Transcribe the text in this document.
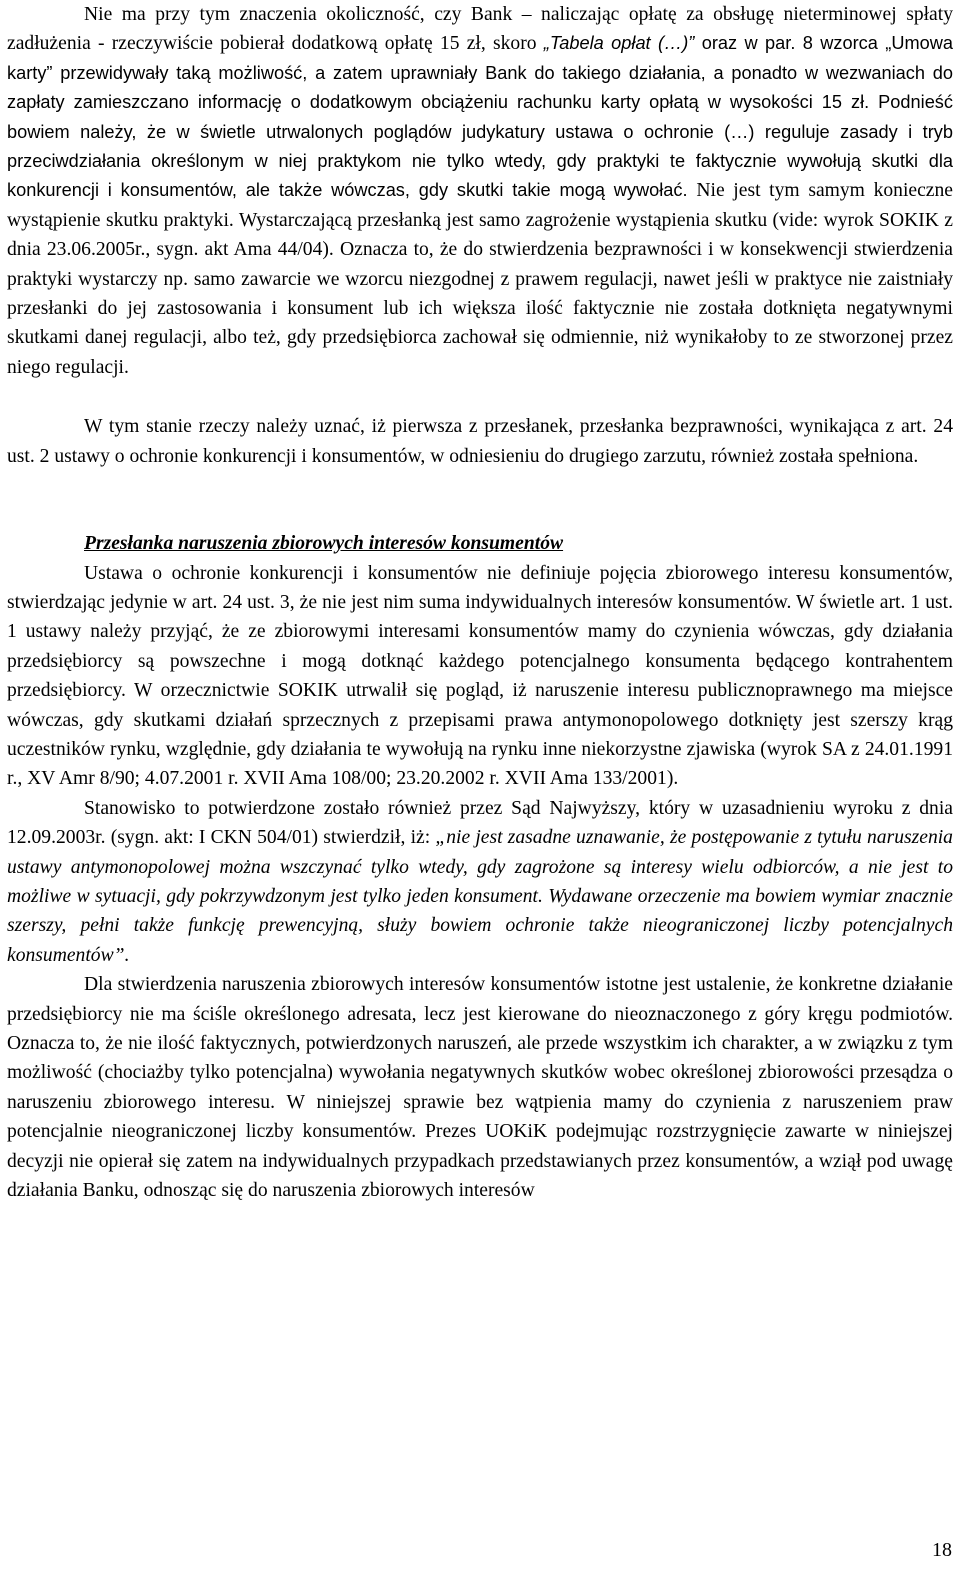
Nie ma przy tym znaczenia okoliczność, czy Bank – naliczając opłatę za obsługę nieterminowej spłaty zadłużenia - rzeczywiście pobierał dodatkową opłatę 15 zł, skoro „Tabela opłat (…)” oraz w par. 8 wzorca „Umowa karty” przewidywały taką możliwość, a zatem uprawniały Bank do takiego działania, a ponadto w wezwaniach do zapłaty zamieszczano informację o dodatkowym obciążeniu rachunku karty opłatą w wysokości 15 zł. Podnieść bowiem należy, że w świetle utrwalonych poglądów judykatury ustawa o ochronie (…) reguluje zasady i tryb przeciwdziałania określonym w niej praktykom nie tylko wtedy, gdy praktyki te faktycznie wywołują skutki dla konkurencji i konsumentów, ale także wówczas, gdy skutki takie mogą wywołać. Nie jest tym samym konieczne wystąpienie skutku praktyki. Wystarczającą przesłanką jest samo zagrożenie wystąpienia skutku (vide: wyrok SOKIK z dnia 23.06.2005r., sygn. akt Ama 44/04). Oznacza to, że do stwierdzenia bezprawności i w konsekwencji stwierdzenia praktyki wystarczy np. samo zawarcie we wzorcu niezgodnej z prawem regulacji, nawet jeśli w praktyce nie zaistniały przesłanki do jej zastosowania i konsument lub ich większa ilość faktycznie nie została dotknięta negatywnymi skutkami danej regulacji, albo też, gdy przedsiębiorca zachował się odmiennie, niż wynikałoby to ze stworzonej przez niego regulacji.

W tym stanie rzeczy należy uznać, iż pierwsza z przesłanek, przesłanka bezprawności, wynikająca z art. 24 ust. 2 ustawy o ochronie konkurencji i konsumentów, w odniesieniu do drugiego zarzutu, również została spełniona.

Przesłanka naruszenia zbiorowych interesów konsumentów

Ustawa o ochronie konkurencji i konsumentów nie definiuje pojęcia zbiorowego interesu konsumentów, stwierdzając jedynie w art. 24 ust. 3, że nie jest nim suma indywidualnych interesów konsumentów. W świetle art. 1 ust. 1 ustawy należy przyjąć, że ze zbiorowymi interesami konsumentów mamy do czynienia wówczas, gdy działania przedsiębiorcy są powszechne i mogą dotknąć każdego potencjalnego konsumenta będącego kontrahentem przedsiębiorcy. W orzecznictwie SOKIK utrwalił się pogląd, iż naruszenie interesu publicznoprawnego ma miejsce wówczas, gdy skutkami działań sprzecznych z przepisami prawa antymonopolowego dotknięty jest szerszy krąg uczestników rynku, względnie, gdy działania te wywołują na rynku inne niekorzystne zjawiska (wyrok SA z 24.01.1991 r., XV Amr 8/90; 4.07.2001 r. XVII Ama 108/00; 23.20.2002 r. XVII Ama 133/2001).

Stanowisko to potwierdzone zostało również przez Sąd Najwyższy, który w uzasadnieniu wyroku z dnia 12.09.2003r. (sygn. akt: I CKN 504/01) stwierdził, iż: „nie jest zasadne uznawanie, że postępowanie z tytułu naruszenia ustawy antymonopolowej można wszczynać tylko wtedy, gdy zagrożone są interesy wielu odbiorców, a nie jest to możliwe w sytuacji, gdy pokrzywdzonym jest tylko jeden konsument. Wydawane orzeczenie ma bowiem wymiar znacznie szerszy, pełni także funkcję prewencyjną, służy bowiem ochronie także nieograniczonej liczby potencjalnych konsumentów”.

Dla stwierdzenia naruszenia zbiorowych interesów konsumentów istotne jest ustalenie, że konkretne działanie przedsiębiorcy nie ma ściśle określonego adresata, lecz jest kierowane do nieoznaczonego z góry kręgu podmiotów. Oznacza to, że nie ilość faktycznych, potwierdzonych naruszeń, ale przede wszystkim ich charakter, a w związku z tym możliwość (chociażby tylko potencjalna) wywołania negatywnych skutków wobec określonej zbiorowości przesądza o naruszeniu zbiorowego interesu. W niniejszej sprawie bez wątpienia mamy do czynienia z naruszeniem praw potencjalnie nieograniczonej liczby konsumentów. Prezes UOKiK podejmując rozstrzygnięcie zawarte w niniejszej decyzji nie opierał się zatem na indywidualnych przypadkach przedstawianych przez konsumentów, a wziął pod uwagę działania Banku, odnosząc się do naruszenia zbiorowych interesów

18
